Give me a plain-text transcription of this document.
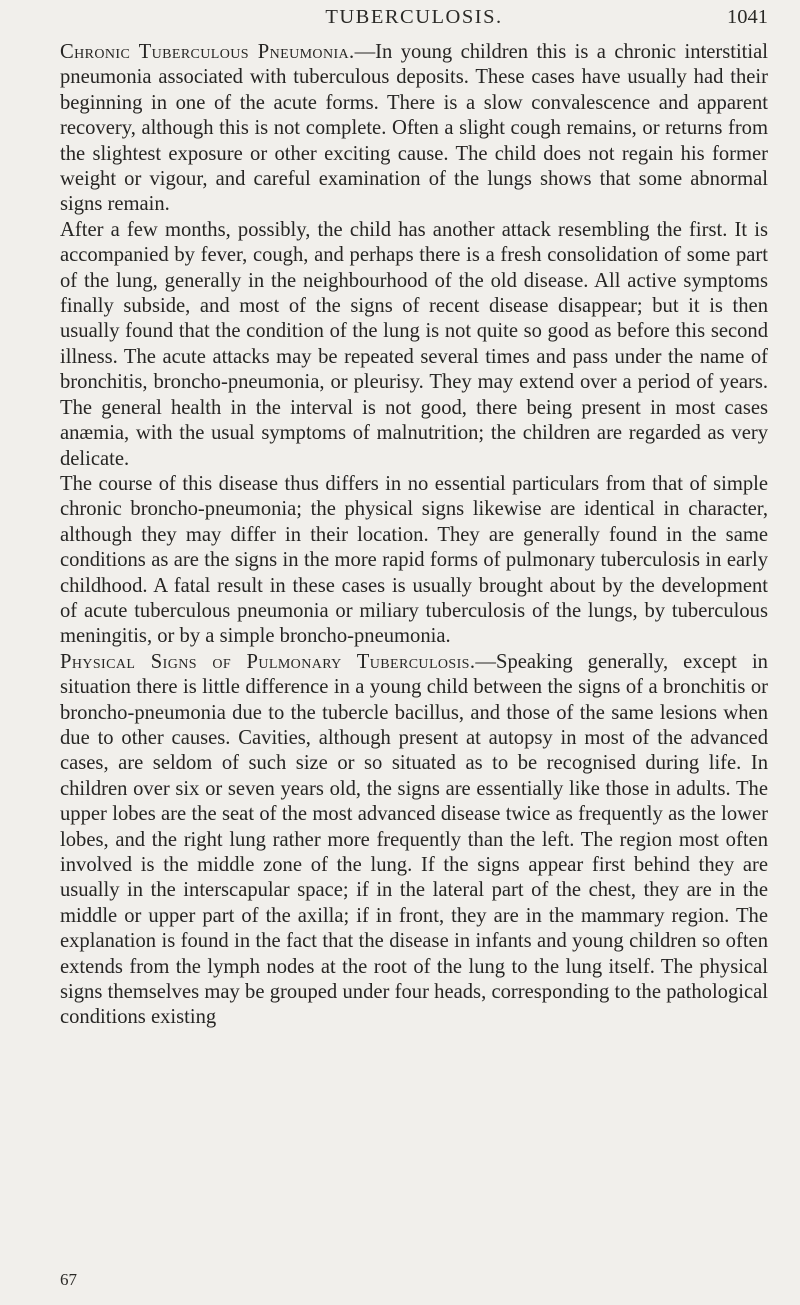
TUBERCULOSIS.	1041

Chronic Tuberculous Pneumonia.—In young children this is a chronic interstitial pneumonia associated with tuberculous deposits. These cases have usually had their beginning in one of the acute forms. There is a slow convalescence and apparent recovery, although this is not complete. Often a slight cough remains, or returns from the slightest exposure or other exciting cause. The child does not regain his former weight or vigour, and careful examination of the lungs shows that some abnormal signs remain.

After a few months, possibly, the child has another attack resembling the first. It is accompanied by fever, cough, and perhaps there is a fresh consolidation of some part of the lung, generally in the neighbourhood of the old disease. All active symptoms finally subside, and most of the signs of recent disease disappear; but it is then usually found that the condition of the lung is not quite so good as before this second illness. The acute attacks may be repeated several times and pass under the name of bronchitis, broncho-pneumonia, or pleurisy. They may extend over a period of years. The general health in the interval is not good, there being present in most cases anæmia, with the usual symptoms of malnutrition; the children are regarded as very delicate.

The course of this disease thus differs in no essential particulars from that of simple chronic broncho-pneumonia; the physical signs likewise are identical in character, although they may differ in their location. They are generally found in the same conditions as are the signs in the more rapid forms of pulmonary tuberculosis in early childhood. A fatal result in these cases is usually brought about by the development of acute tuberculous pneumonia or miliary tuberculosis of the lungs, by tuberculous meningitis, or by a simple broncho-pneumonia.

Physical Signs of Pulmonary Tuberculosis.—Speaking generally, except in situation there is little difference in a young child between the signs of a bronchitis or broncho-pneumonia due to the tubercle bacillus, and those of the same lesions when due to other causes. Cavities, although present at autopsy in most of the advanced cases, are seldom of such size or so situated as to be recognised during life. In children over six or seven years old, the signs are essentially like those in adults. The upper lobes are the seat of the most advanced disease twice as frequently as the lower lobes, and the right lung rather more frequently than the left. The region most often involved is the middle zone of the lung. If the signs appear first behind they are usually in the interscapular space; if in the lateral part of the chest, they are in the middle or upper part of the axilla; if in front, they are in the mammary region. The explanation is found in the fact that the disease in infants and young children so often extends from the lymph nodes at the root of the lung to the lung itself. The physical signs themselves may be grouped under four heads, corresponding to the pathological conditions existing

67
